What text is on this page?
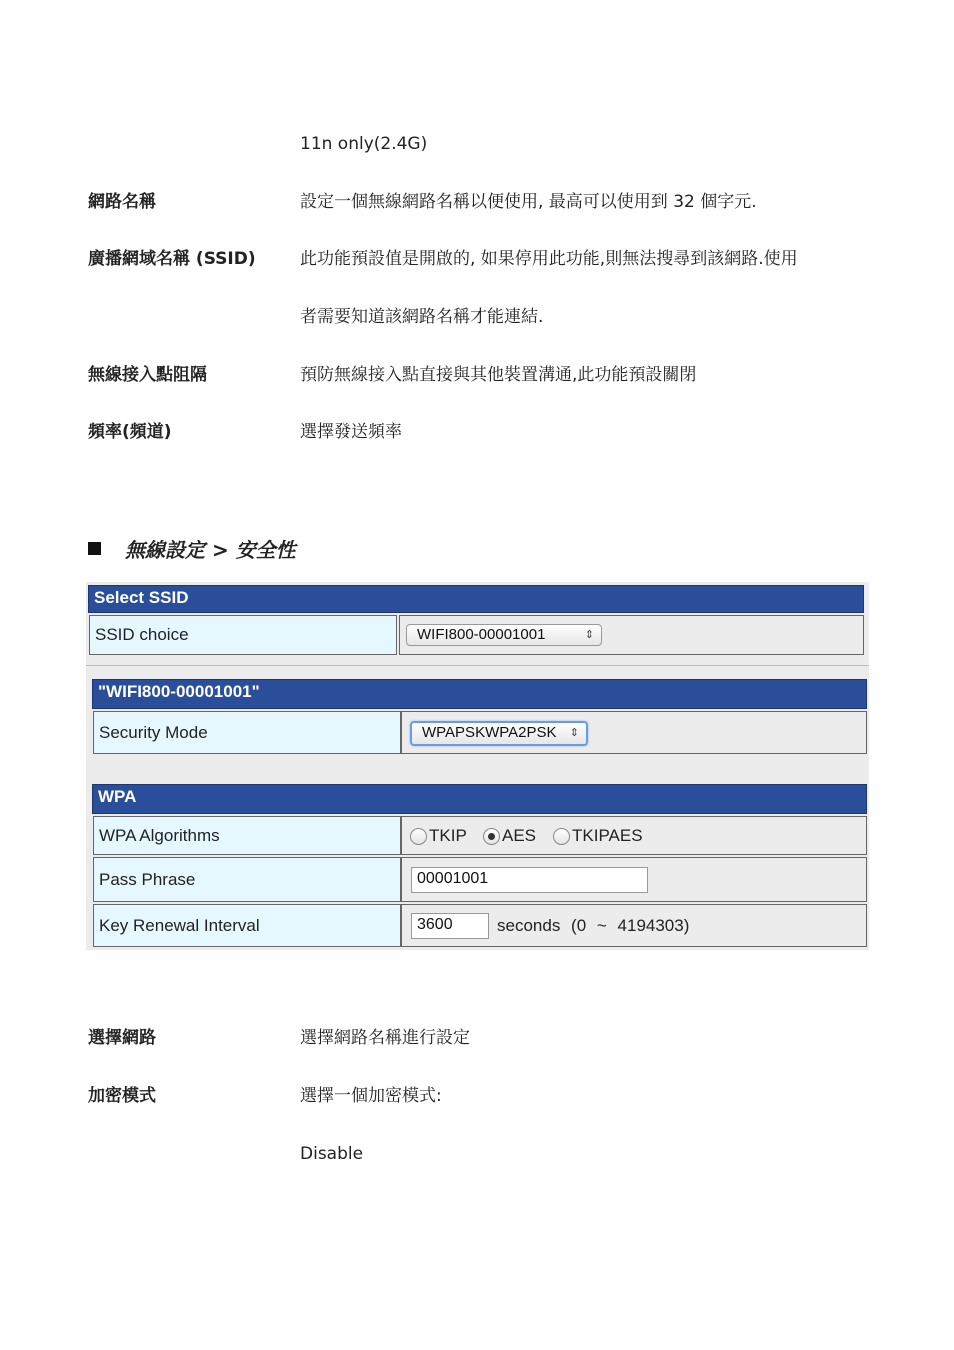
11n only(2.4G)
網路名稱	設定一個無線網路名稱以便使用, 最高可以使用到 32 個字元.
廣播網域名稱 (SSID)	此功能預設值是開啟的, 如果停用此功能,則無法搜尋到該網路.使用
者需要知道該網路名稱才能連結.
無線接入點阻隔	預防無線接入點直接與其他裝置溝通,此功能預設關閉
頻率(頻道)	選擇發送頻率
無線設定 > 安全性
Select SSID
SSID choice	WIFI800-00001001	⇕
"WIFI800-00001001"
Security Mode	WPAPSKWPA2PSK ⇕
WPA
WPA Algorithms	TKIP AES TKIPAES
Pass Phrase	00001001
Key Renewal Interval	3600	seconds (0 ~ 4194303)
選擇網路	選擇網路名稱進行設定
加密模式	選擇一個加密模式:
Disable
